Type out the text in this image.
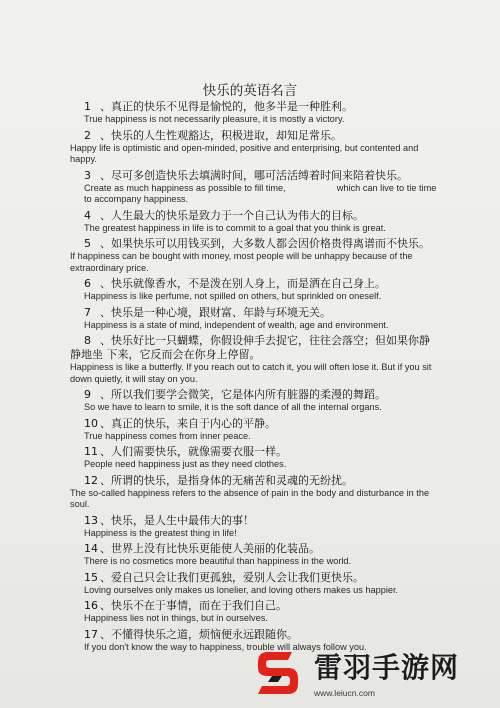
快乐的英语名言
1 、真正的快乐不见得是愉悦的，他多半是一种胜利。
True happiness is not necessarily pleasure, it is mostly a victory.
2 、快乐的人生性观豁达，积极进取，却知足常乐。
Happy life is optimistic and open-minded, positive and enterprising, but contented and happy.
3 、尽可多创造快乐去填满时间，哪可活活缚着时间来陪着快乐。
Create as much happiness as possible to fill time,                    which can live to tie time to accompany happiness.
4 、人生最大的快乐是致力于一个自己认为伟大的目标。
The greatest happiness in life is to commit to a goal that you think is great.
5 、如果快乐可以用钱买到，大多数人都会因价格贵得离谱而不快乐。
If happiness can be bought with money, most people will be unhappy because of the extraordinary price.
6 、快乐就像香水，不是泼在别人身上，而是洒在自己身上。
Happiness is like perfume, not spilled on others, but sprinkled on oneself.
7 、快乐是一种心境，跟财富、年龄与环境无关。
Happiness is a state of mind, independent of wealth, age and environment.
8 、快乐好比一只蝴蝶，你假设伸手去捉它，往往会落空；但如果你静静地坐 下来，它反而会在你身上停留。
Happiness is like a butterfly. If you reach out to catch it, you will often lose it. But if you sit down quietly, it will stay on you.
9 、所以我们要学会微笑，它是体内所有脏器的柔漫的舞蹈。
So we have to learn to smile, it is the soft dance of all the internal organs.
10 、真正的快乐，来自于内心的平静。
True happiness comes from inner peace.
11 、人们需要快乐，就像需要衣服一样。
People need happiness just as they need clothes.
12 、所谓的快乐，是指身体的无痛苦和灵魂的无纷扰。
The so-called happiness refers to the absence of pain in the body and disturbance in the soul.
13 、快乐，是人生中最伟大的事！
Happiness is the greatest thing in life!
14 、世界上没有比快乐更能使人美丽的化装品。
There is no cosmetics more beautiful than happiness in the world.
15 、爱自己只会让我们更孤独，爱别人会让我们更快乐。
Loving ourselves only makes us lonelier, and loving others makes us happier.
16 、快乐不在于事情，而在于我们自己。
Happiness lies not in things, but in ourselves.
17 、不懂得快乐之道，烦恼便永远跟随你。
If you don't know the way to happiness, trouble will always follow you.
雷羽手游网
www.leiucn.com
